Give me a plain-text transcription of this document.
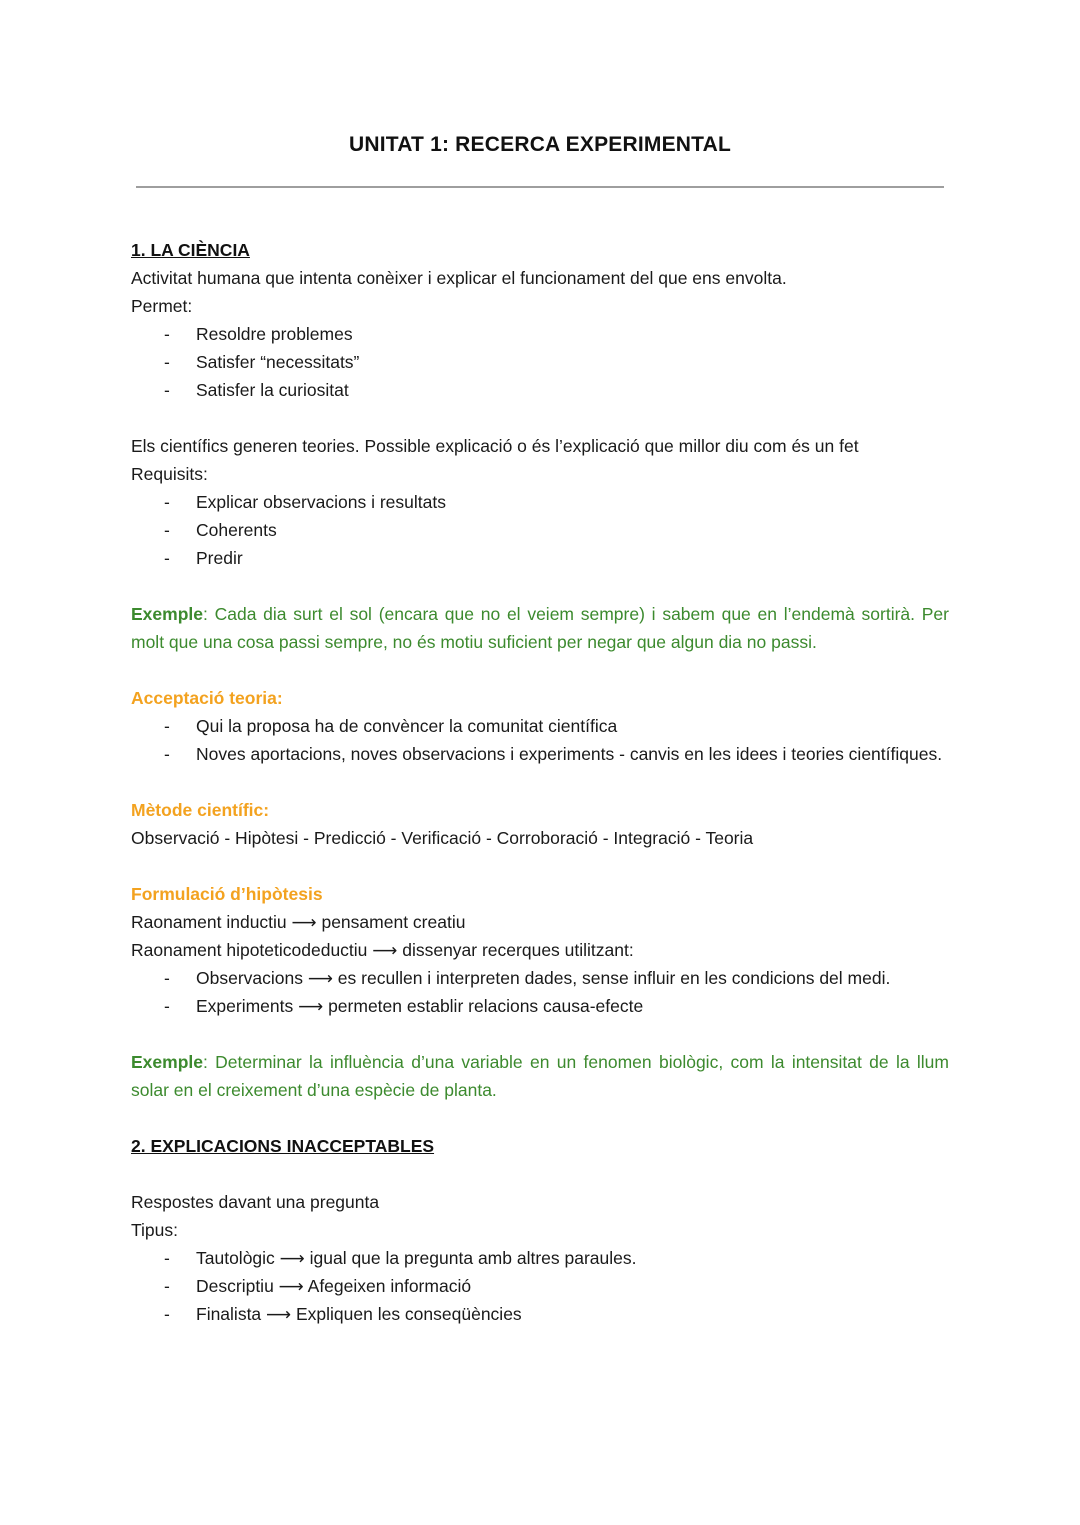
UNITAT 1: RECERCA EXPERIMENTAL
1. LA CIÈNCIA
Activitat humana que intenta conèixer i explicar el funcionament del que ens envolta.
Permet:
- Resoldre problemes
- Satisfer “necessitats”
- Satisfer la curiositat
Els científics generen teories. Possible explicació o és l’explicació que millor diu com és un fet
Requisits:
- Explicar observacions i resultats
- Coherents
- Predir
Exemple: Cada dia surt el sol (encara que no el veiem sempre) i sabem que en l’endemà sortirà. Per molt que una cosa passi sempre, no és motiu suficient per negar que algun dia no passi.
Acceptació teoria:
- Qui la proposa ha de convèncer la comunitat científica
- Noves aportacions, noves observacions i experiments - canvis en les idees i teories científiques.
Mètode científic:
Observació - Hipòtesi - Predicció - Verificació - Corroboració - Integració - Teoria
Formulació d’hipòtesis
Raonament inductiu ⟶ pensament creatiu
Raonament hipoteticodeductiu ⟶ dissenyar recerques utilitzant:
- Observacions ⟶ es recullen i interpreten dades, sense influir en les condicions del medi.
- Experiments ⟶ permeten establir relacions causa-efecte
Exemple: Determinar la influència d’una variable en un fenomen biològic, com la intensitat de la llum solar en el creixement d’una espècie de planta.
2. EXPLICACIONS INACCEPTABLES
Respostes davant una pregunta
Tipus:
- Tautològic ⟶ igual que la pregunta amb altres paraules.
- Descriptiu ⟶ Afegeixen informació
- Finalista ⟶ Expliquen les conseqüències
